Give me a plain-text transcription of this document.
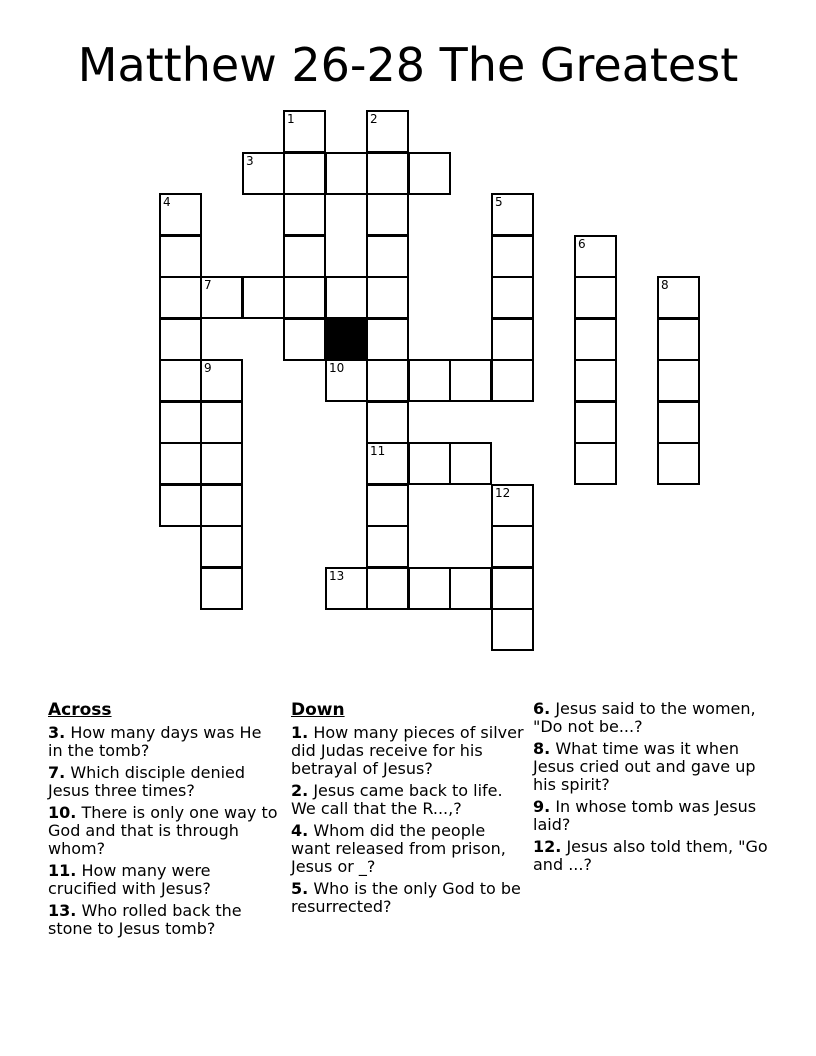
Matthew 26-28 The Greatest
1	2
3
4	5
6
7	8
9	10
11
12
13
Across
3. How many days was He in the tomb?
7. Which disciple denied Jesus three times?
10. There is only one way to God and that is through whom?
11. How many were crucified with Jesus?
13. Who rolled back the stone to Jesus tomb?
Down
1. How many pieces of silver did Judas receive for his betrayal of Jesus?
2. Jesus came back to life. We call that the R...,?
4. Whom did the people want released from prison, Jesus or _?
5. Who is the only God to be resurrected?
6. Jesus said to the women, "Do not be...?
8. What time was it when Jesus cried out and gave up his spirit?
9. In whose tomb was Jesus laid?
12. Jesus also told them, "Go and ...?
